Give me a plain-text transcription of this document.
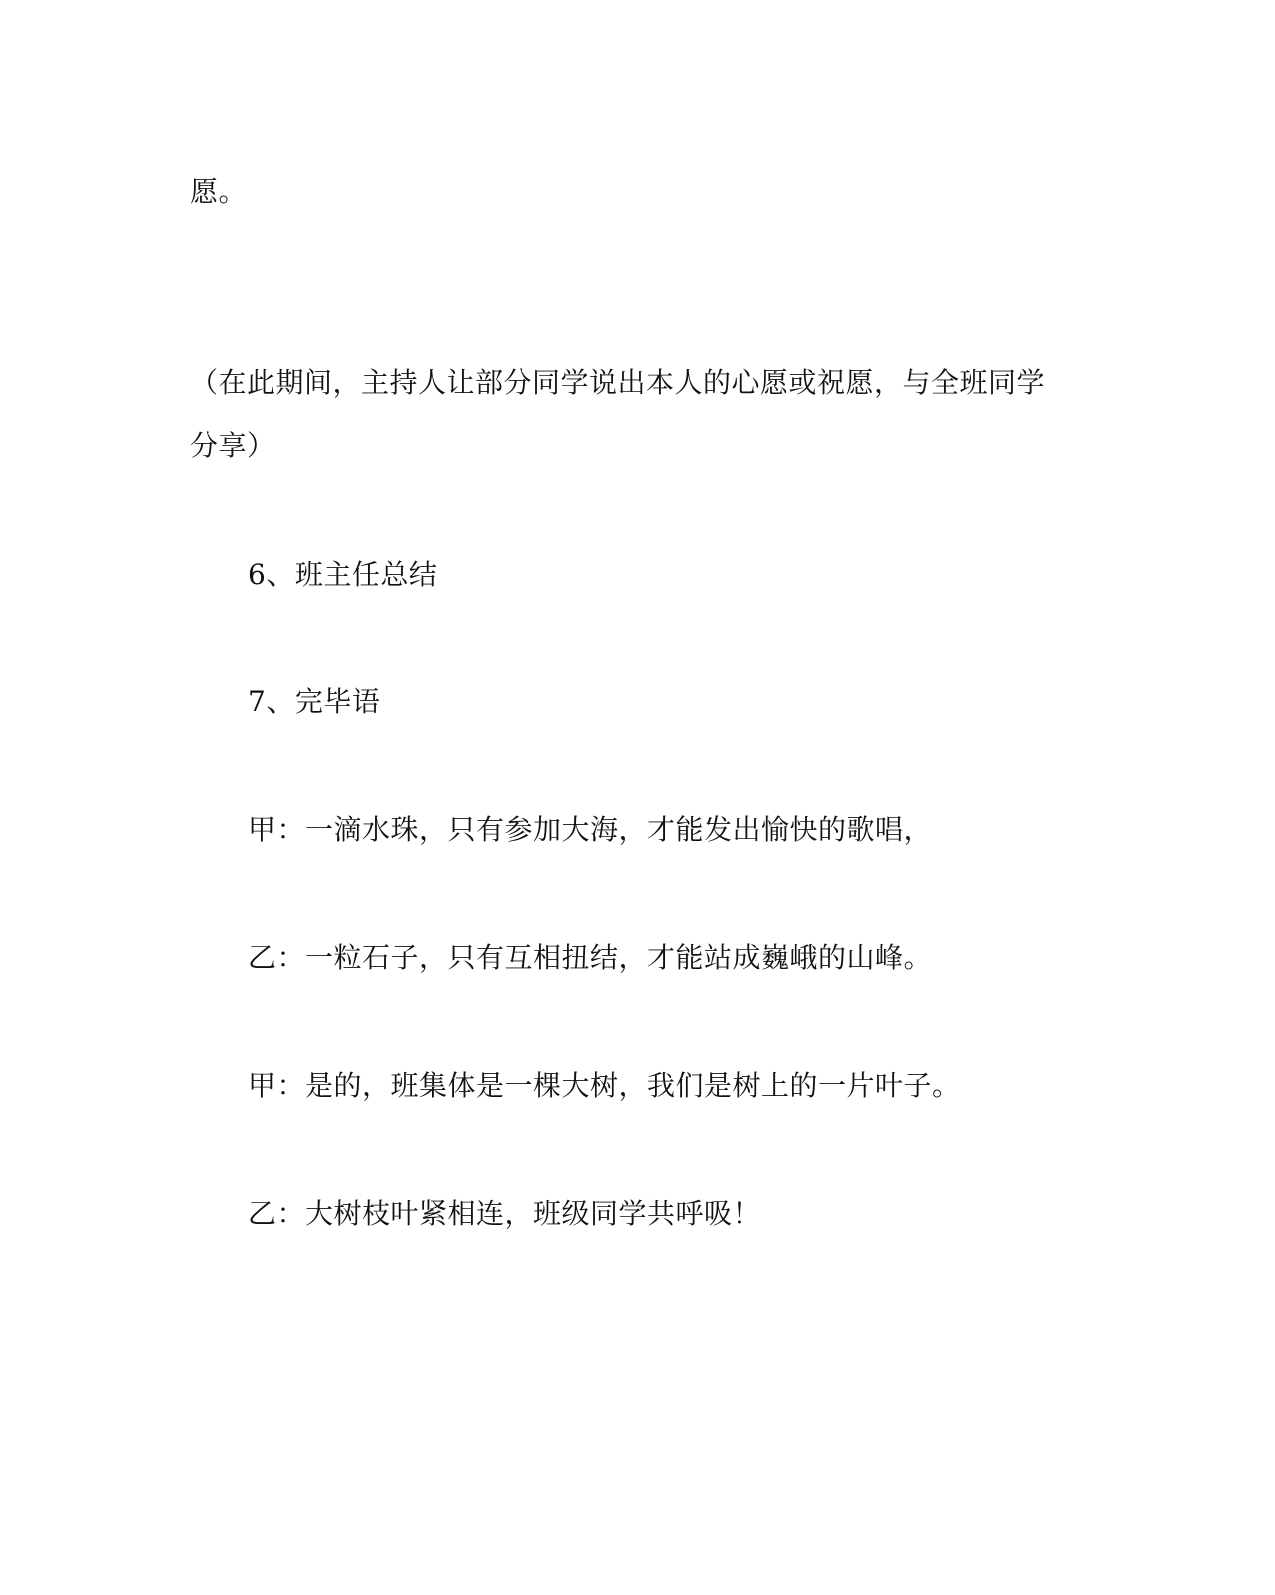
愿。
（在此期间，主持人让部分同学说出本人的心愿或祝愿，与全班同学
分享）
6、班主任总结
7、完毕语
甲：一滴水珠，只有参加大海，才能发出愉快的歌唱，
乙：一粒石子，只有互相扭结，才能站成巍峨的山峰。
甲：是的，班集体是一棵大树，我们是树上的一片叶子。
乙：大树枝叶紧相连，班级同学共呼吸！
